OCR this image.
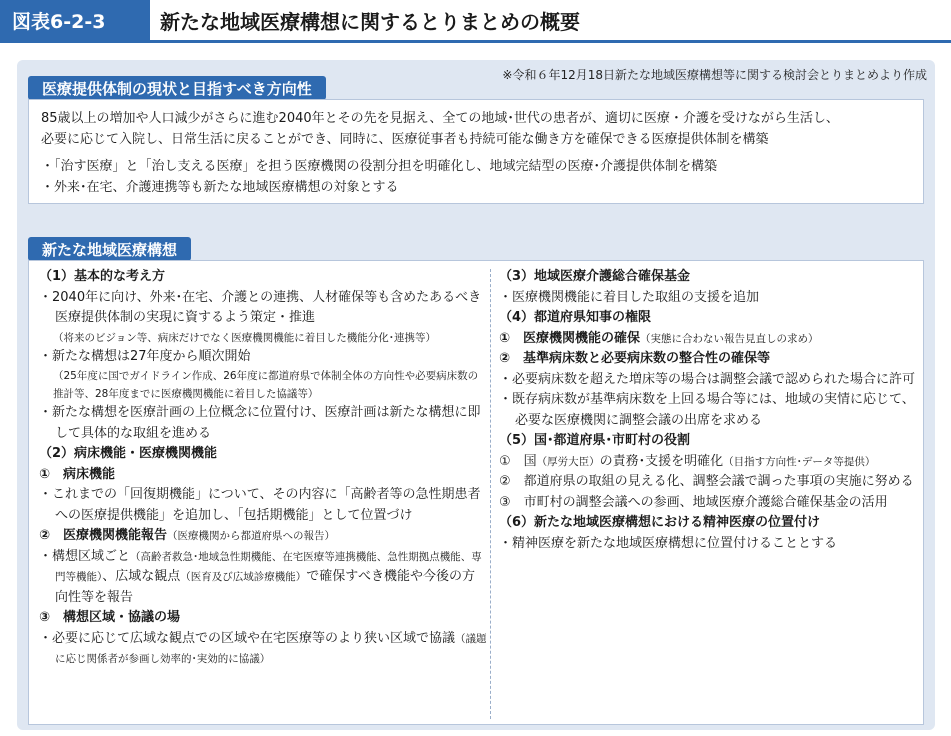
図表6-2-3	新たな地域医療構想に関するとりまとめの概要
※令和６年12月18日新たな地域医療構想等に関する検討会とりまとめより作成
医療提供体制の現状と目指すべき方向性

85歳以上の増加や人口減少がさらに進む2040年とその先を見据え、全ての地域･世代の患者が、適切に医療・介護を受けながら生活し、

必要に応じて入院し、日常生活に戻ることができ、同時に、医療従事者も持続可能な働き方を確保できる医療提供体制を構築

・「治す医療」と「治し支える医療」を担う医療機関の役割分担を明確化し、地域完結型の医療･介護提供体制を構築

・外来･在宅、介護連携等も新たな地域医療構想の対象とする

新たな地域医療構想
（1）基本的な考え方
・2040年に向け、外来･在宅、介護との連携、人材確保等も含めたあるべき医療提供体制の実現に資するよう策定・推進
（将来のビジョン等、病床だけでなく医療機関機能に着目した機能分化･連携等）
・新たな構想は27年度から順次開始
（25年度に国でガイドライン作成、26年度に都道府県で体制全体の方向性や必要病床数の推計等、28年度までに医療機関機能に着目した協議等）
・新たな構想を医療計画の上位概念に位置付け、医療計画は新たな構想に即して具体的な取組を進める
（2）病床機能・医療機関機能
①　病床機能
・これまでの「回復期機能」について、その内容に「高齢者等の急性期患者への医療提供機能」を追加し、「包括期機能」として位置づけ
②　医療機関機能報告（医療機関から都道府県への報告）
・構想区域ごと（高齢者救急･地域急性期機能、在宅医療等連携機能、急性期拠点機能、専門等機能）、広域な観点（医育及び広域診療機能）で確保すべき機能や今後の方向性等を報告
③　構想区域・協議の場
・必要に応じて広域な観点での区域や在宅医療等のより狭い区域で協議（議題に応じ関係者が参画し効率的･実効的に協議）
（3）地域医療介護総合確保基金
・医療機関機能に着目した取組の支援を追加
（4）都道府県知事の権限
①　医療機関機能の確保（実態に合わない報告見直しの求め）
②　基準病床数と必要病床数の整合性の確保等
・必要病床数を超えた増床等の場合は調整会議で認められた場合に許可
・既存病床数が基準病床数を上回る場合等には、地域の実情に応じて、必要な医療機関に調整会議の出席を求める
（5）国･都道府県･市町村の役割
①　国（厚労大臣）の責務･支援を明確化（目指す方向性･データ等提供）
②　都道府県の取組の見える化、調整会議で調った事項の実施に努める
③　市町村の調整会議への参画、地域医療介護総合確保基金の活用
（6）新たな地域医療構想における精神医療の位置付け
・精神医療を新たな地域医療構想に位置付けることとする
